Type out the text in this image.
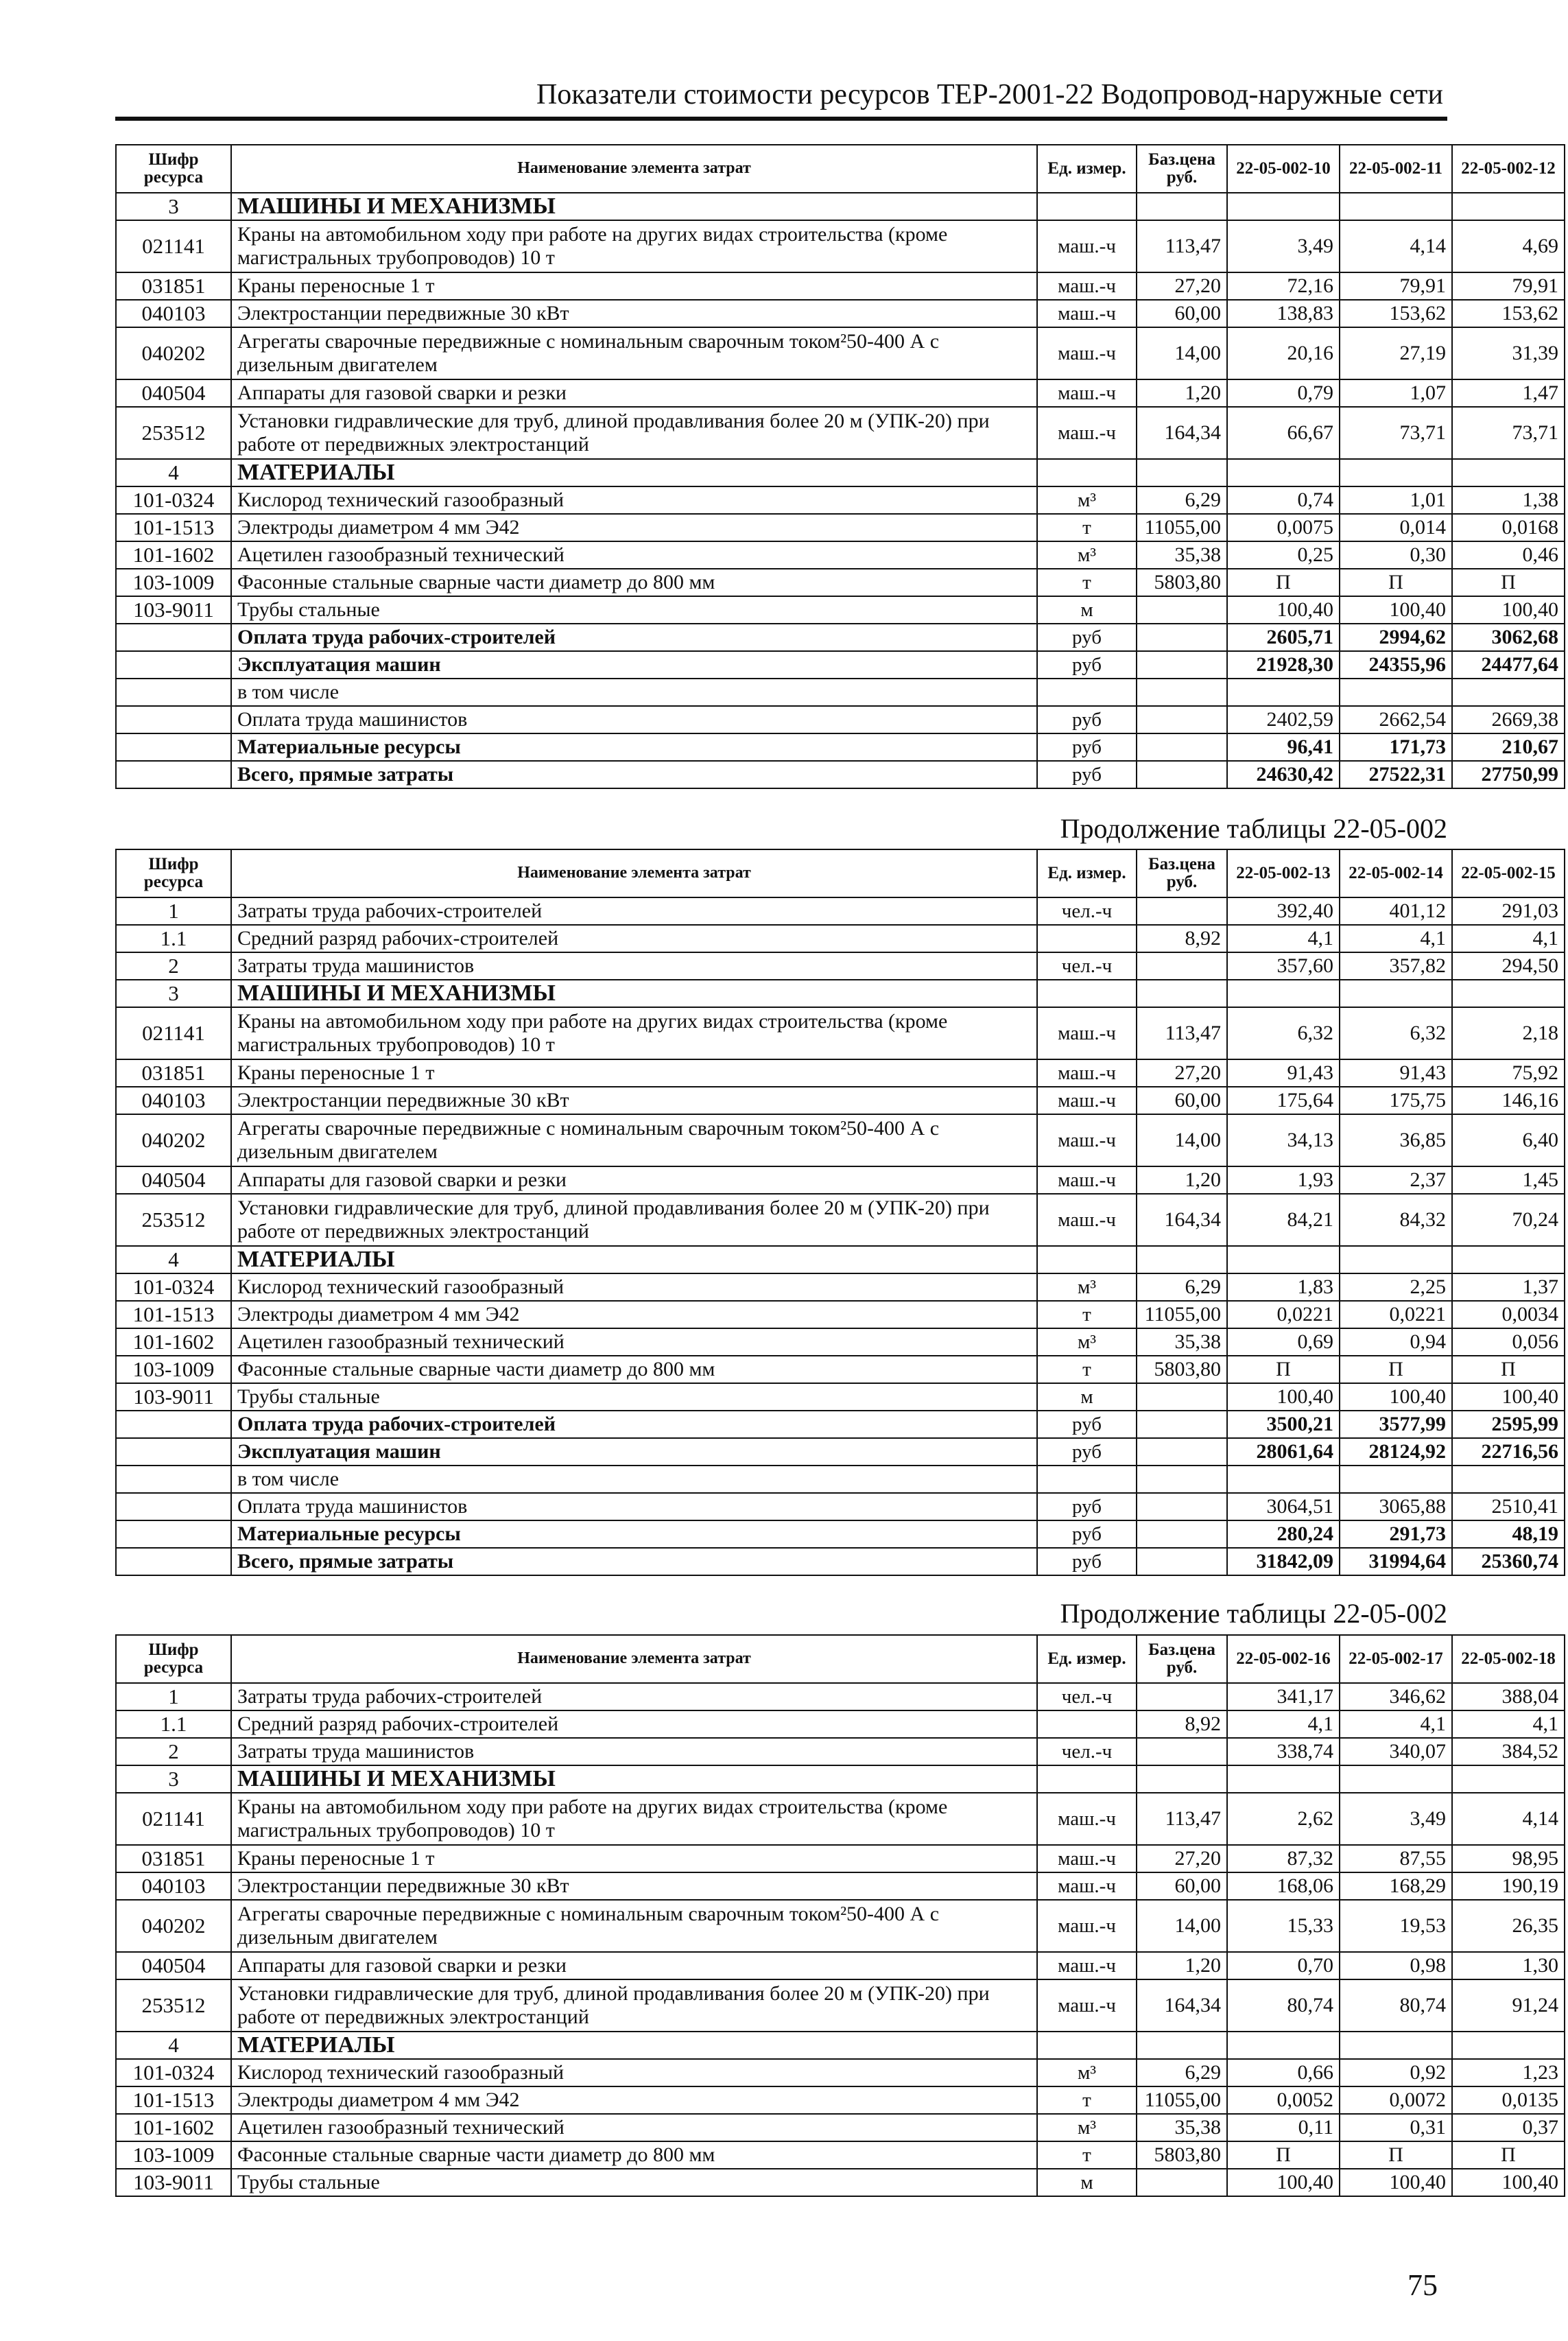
Показатели стоимости ресурсов ТЕР-2001-22 Водопровод-наружные сети
Шифр ресурса	Наименование элемента затрат	Ед. измер.	Баз.цена руб.	22-05-002-10	22-05-002-11	22-05-002-12
3	МАШИНЫ И МЕХАНИЗМЫ					
021141	Краны на автомобильном ходу при работе на других видах строительства (кроме магистральных трубопроводов) 10 т	маш.-ч	113,47	3,49	4,14	4,69
031851	Краны переносные 1 т	маш.-ч	27,20	72,16	79,91	79,91
040103	Электростанции передвижные 30 кВт	маш.-ч	60,00	138,83	153,62	153,62
040202	Агрегаты сварочные передвижные с номинальным сварочным током²50-400 А с дизельным двигателем	маш.-ч	14,00	20,16	27,19	31,39
040504	Аппараты для газовой сварки и резки	маш.-ч	1,20	0,79	1,07	1,47
253512	Установки гидравлические для труб, длиной продавливания более 20 м (УПК-20) при работе от передвижных электростанций	маш.-ч	164,34	66,67	73,71	73,71
4	МАТЕРИАЛЫ					
101-0324	Кислород технический газообразный	м³	6,29	0,74	1,01	1,38
101-1513	Электроды диаметром 4 мм Э42	т	11055,00	0,0075	0,014	0,0168
101-1602	Ацетилен газообразный технический	м³	35,38	0,25	0,30	0,46
103-1009	Фасонные стальные сварные части диаметр до 800 мм	т	5803,80	П	П	П
103-9011	Трубы стальные	м		100,40	100,40	100,40
	Оплата труда рабочих-строителей	руб		2605,71	2994,62	3062,68
	Эксплуатация машин	руб		21928,30	24355,96	24477,64
	в том числе					
	Оплата труда машинистов	руб		2402,59	2662,54	2669,38
	Материальные ресурсы	руб		96,41	171,73	210,67
	Всего, прямые затраты	руб		24630,42	27522,31	27750,99
Продолжение таблицы 22-05-002
Шифр ресурса	Наименование элемента затрат	Ед. измер.	Баз.цена руб.	22-05-002-13	22-05-002-14	22-05-002-15
1	Затраты труда рабочих-строителей	чел.-ч		392,40	401,12	291,03
1.1	Средний разряд рабочих-строителей		8,92	4,1	4,1	4,1
2	Затраты труда машинистов	чел.-ч		357,60	357,82	294,50
3	МАШИНЫ И МЕХАНИЗМЫ					
021141	Краны на автомобильном ходу при работе на других видах строительства (кроме магистральных трубопроводов) 10 т	маш.-ч	113,47	6,32	6,32	2,18
031851	Краны переносные 1 т	маш.-ч	27,20	91,43	91,43	75,92
040103	Электростанции передвижные 30 кВт	маш.-ч	60,00	175,64	175,75	146,16
040202	Агрегаты сварочные передвижные с номинальным сварочным током²50-400 А с дизельным двигателем	маш.-ч	14,00	34,13	36,85	6,40
040504	Аппараты для газовой сварки и резки	маш.-ч	1,20	1,93	2,37	1,45
253512	Установки гидравлические для труб, длиной продавливания более 20 м (УПК-20) при работе от передвижных электростанций	маш.-ч	164,34	84,21	84,32	70,24
4	МАТЕРИАЛЫ					
101-0324	Кислород технический газообразный	м³	6,29	1,83	2,25	1,37
101-1513	Электроды диаметром 4 мм Э42	т	11055,00	0,0221	0,0221	0,0034
101-1602	Ацетилен газообразный технический	м³	35,38	0,69	0,94	0,056
103-1009	Фасонные стальные сварные части диаметр до 800 мм	т	5803,80	П	П	П
103-9011	Трубы стальные	м		100,40	100,40	100,40
	Оплата труда рабочих-строителей	руб		3500,21	3577,99	2595,99
	Эксплуатация машин	руб		28061,64	28124,92	22716,56
	в том числе					
	Оплата труда машинистов	руб		3064,51	3065,88	2510,41
	Материальные ресурсы	руб		280,24	291,73	48,19
	Всего, прямые затраты	руб		31842,09	31994,64	25360,74
Продолжение таблицы 22-05-002
Шифр ресурса	Наименование элемента затрат	Ед. измер.	Баз.цена руб.	22-05-002-16	22-05-002-17	22-05-002-18
1	Затраты труда рабочих-строителей	чел.-ч		341,17	346,62	388,04
1.1	Средний разряд рабочих-строителей		8,92	4,1	4,1	4,1
2	Затраты труда машинистов	чел.-ч		338,74	340,07	384,52
3	МАШИНЫ И МЕХАНИЗМЫ					
021141	Краны на автомобильном ходу при работе на других видах строительства (кроме магистральных трубопроводов) 10 т	маш.-ч	113,47	2,62	3,49	4,14
031851	Краны переносные 1 т	маш.-ч	27,20	87,32	87,55	98,95
040103	Электростанции передвижные 30 кВт	маш.-ч	60,00	168,06	168,29	190,19
040202	Агрегаты сварочные передвижные с номинальным сварочным током²50-400 А с дизельным двигателем	маш.-ч	14,00	15,33	19,53	26,35
040504	Аппараты для газовой сварки и резки	маш.-ч	1,20	0,70	0,98	1,30
253512	Установки гидравлические для труб, длиной продавливания более 20 м (УПК-20) при работе от передвижных электростанций	маш.-ч	164,34	80,74	80,74	91,24
4	МАТЕРИАЛЫ					
101-0324	Кислород технический газообразный	м³	6,29	0,66	0,92	1,23
101-1513	Электроды диаметром 4 мм Э42	т	11055,00	0,0052	0,0072	0,0135
101-1602	Ацетилен газообразный технический	м³	35,38	0,11	0,31	0,37
103-1009	Фасонные стальные сварные части диаметр до 800 мм	т	5803,80	П	П	П
103-9011	Трубы стальные	м		100,40	100,40	100,40
75
